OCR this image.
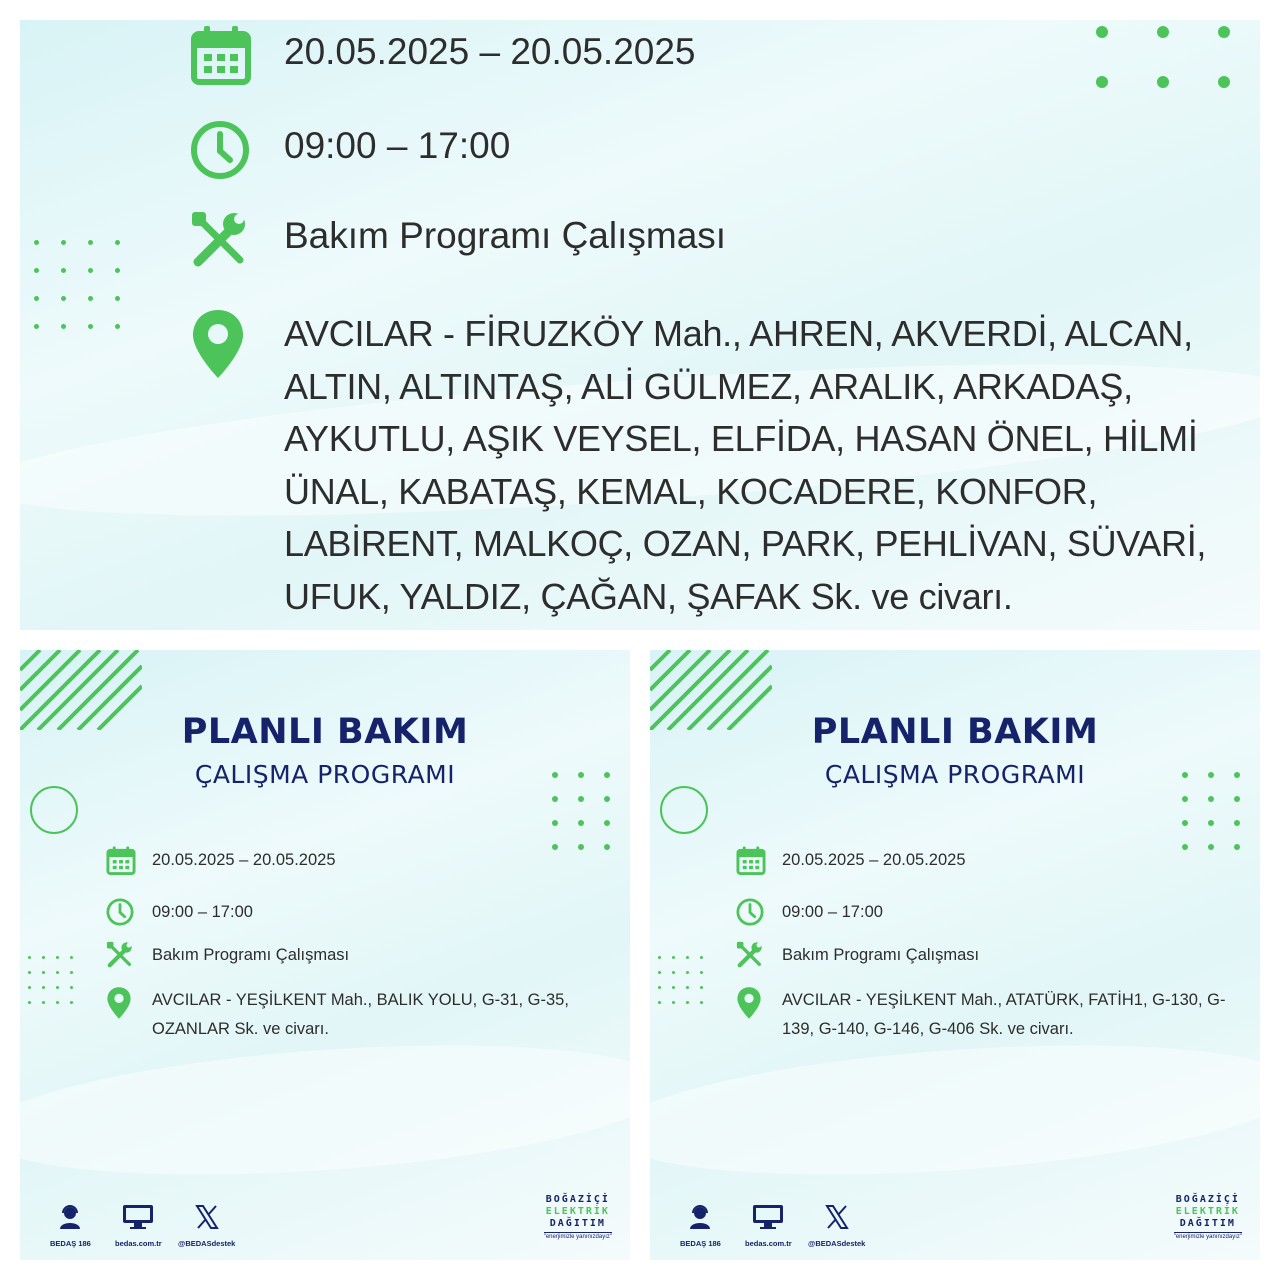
20.05.2025 – 20.05.2025
09:00 – 17:00
Bakım Programı Çalışması
AVCILAR - FİRUZKÖY Mah., AHREN, AKVERDİ, ALCAN, ALTIN, ALTINTAŞ, ALİ GÜLMEZ, ARALIK, ARKADAŞ, AYKUTLU, AŞIK VEYSEL, ELFİDA, HASAN ÖNEL, HİLMİ ÜNAL, KABATAŞ, KEMAL, KOCADERE, KONFOR, LABİRENT, MALKOÇ, OZAN, PARK, PEHLİVAN, SÜVARİ, UFUK, YALDIZ, ÇAĞAN, ŞAFAK Sk. ve civarı.
PLANLI BAKIM
ÇALIŞMA PROGRAMI
20.05.2025 – 20.05.2025
09:00 – 17:00
Bakım Programı Çalışması
AVCILAR - YEŞİLKENT Mah., BALIK YOLU, G-31, G-35, OZANLAR Sk. ve civarı.
BEDAŞ 186	bedas.com.tr @BEDASdestek
BOĞAZİÇİ
ELEKTRİK
DAĞITIM
"enerjimizle yanınızdayız"
PLANLI BAKIM
ÇALIŞMA PROGRAMI
20.05.2025 – 20.05.2025
09:00 – 17:00
Bakım Programı Çalışması
AVCILAR - YEŞİLKENT Mah., ATATÜRK, FATİH1, G-130, G-139, G-140, G-146, G-406 Sk. ve civarı.
BEDAŞ 186	bedas.com.tr @BEDASdestek
BOĞAZİÇİ
ELEKTRİK
DAĞITIM
"enerjimizle yanınızdayız"
